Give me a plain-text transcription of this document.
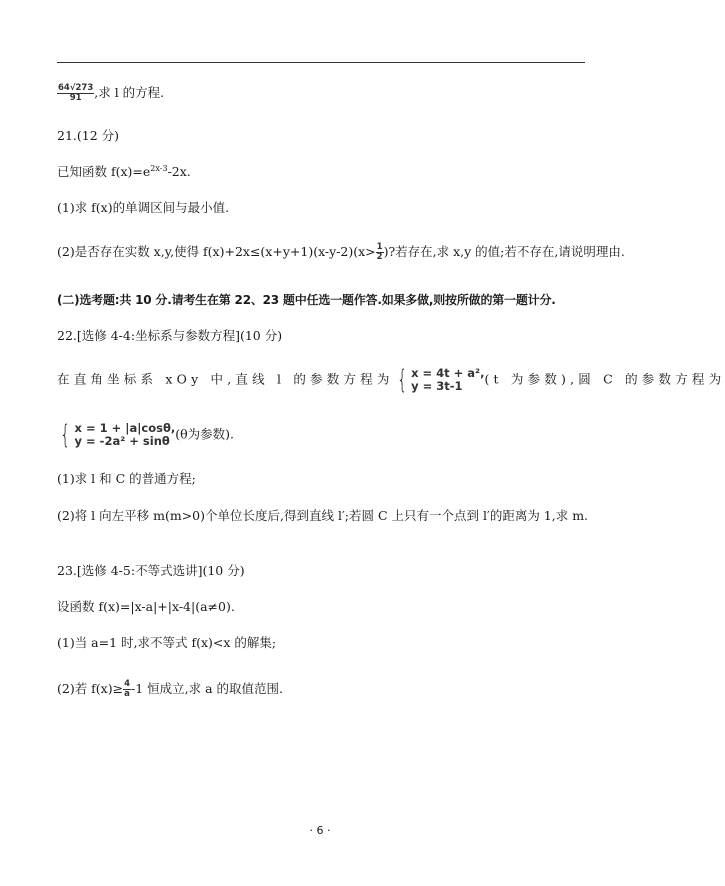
$\frac{64√273}{91}$ ,求 l 的方程.
21.(12 分)
已知函数 $f(x)=e^{2x-3}-2x$.
(1)求 f(x)的单调区间与最小值.
(2)是否存在实数 x,y,使得 $f(x)+2x\le(x+y+1)(x-y-2)(x> \frac{1}{2}$ )?若存在,求 x,y 的值;若不存在,请说明理由.
(二)选考题:共 10 分.请考生在第 22、23 题中任选一题作答.如果多做,则按所做的第一题计分.
22.[选修 4-4:坐标系与参数方程](10 分)
在直角坐标系 xOy 中,直线 l 的参数方程为 { x = 4t + a²,
y = 3t-1	(t 为参数),圆 C 的参数方程为
{ x = 1 + |a|cosθ,
y = -2a² + sinθ (θ为参数).
(1)求 l 和 C 的普通方程;
(2)将 l 向左平移 m(m>0)个单位长度后,得到直线 l′;若圆 C 上只有一个点到 l′的距离为 1,求 m.
23.[选修 4-5:不等式选讲](10 分)
设函数 f(x)=|x-a|+|x-4|(a≠0).
(1)当 a=1 时,求不等式 f(x)<x 的解集;
(2)若 $f(x)\ge \frac{4}{a} -1$ 恒成立,求 a 的取值范围.
· 6 ·
